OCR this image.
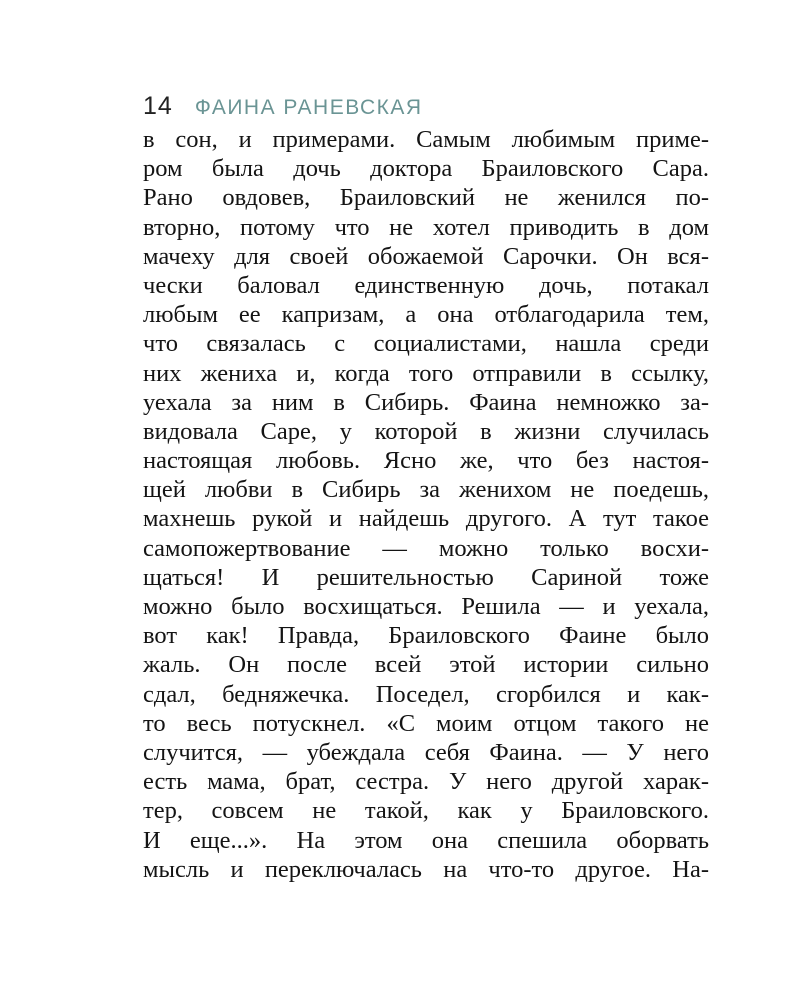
14 ФАИНА РАНЕВСКАЯ
в сон, и примерами. Самым любимым приме-
ром была дочь доктора Браиловского Сара.
Рано овдовев, Браиловский не женился по-
вторно, потому что не хотел приводить в дом
мачеху для своей обожаемой Сарочки. Он вся-
чески баловал единственную дочь, потакал
любым ее капризам, а она отблагодарила тем,
что связалась с социалистами, нашла среди
них жениха и, когда того отправили в ссылку,
уехала за ним в Сибирь. Фаина немножко за-
видовала Саре, у которой в жизни случилась
настоящая любовь. Ясно же, что без настоя-
щей любви в Сибирь за женихом не поедешь,
махнешь рукой и найдешь другого. А тут такое
самопожертвование — можно только восхи-
щаться! И решительностью Сариной тоже
можно было восхищаться. Решила — и уехала,
вот как! Правда, Браиловского Фаине было
жаль. Он после всей этой истории сильно
сдал, бедняжечка. Поседел, сгорбился и как-
то весь потускнел. «С моим отцом такого не
случится, — убеждала себя Фаина. — У него
есть мама, брат, сестра. У него другой харак-
тер, совсем не такой, как у Браиловского.
И еще...». На этом она спешила оборвать
мысль и переключалась на что-то другое. На-
